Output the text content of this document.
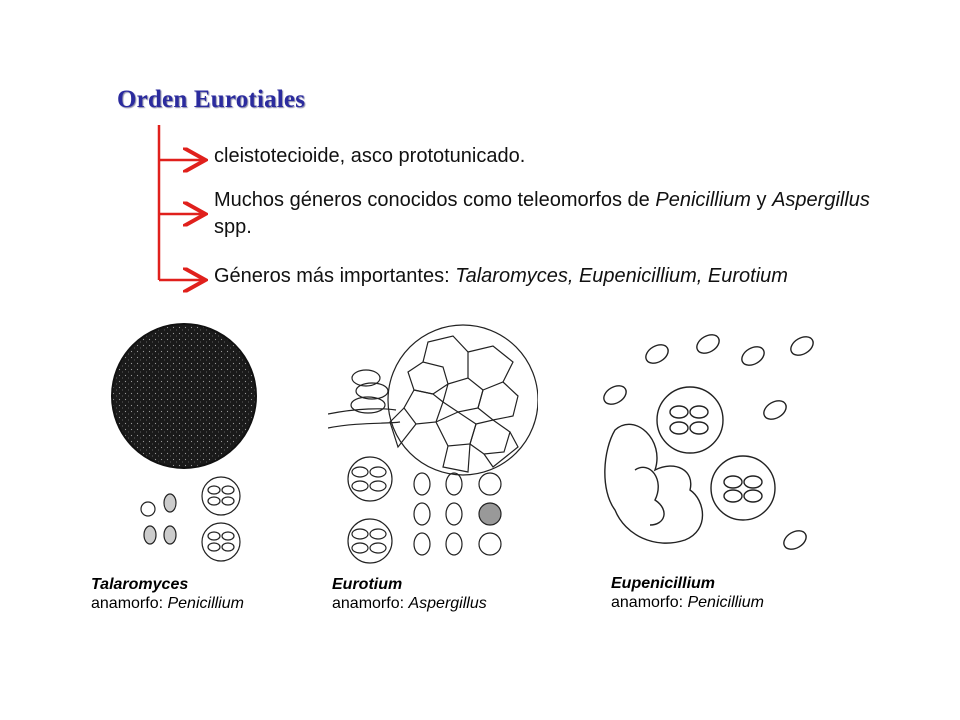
Orden Eurotiales
cleistotecioide, asco prototunicado.
Muchos géneros conocidos como teleomorfos de Penicillium y Aspergillus spp.
Géneros más importantes: Talaromyces, Eupenicillium, Eurotium
Talaromyces
anamorfo: Penicillium
Eurotium
anamorfo: Aspergillus
Eupenicillium
anamorfo: Penicillium
